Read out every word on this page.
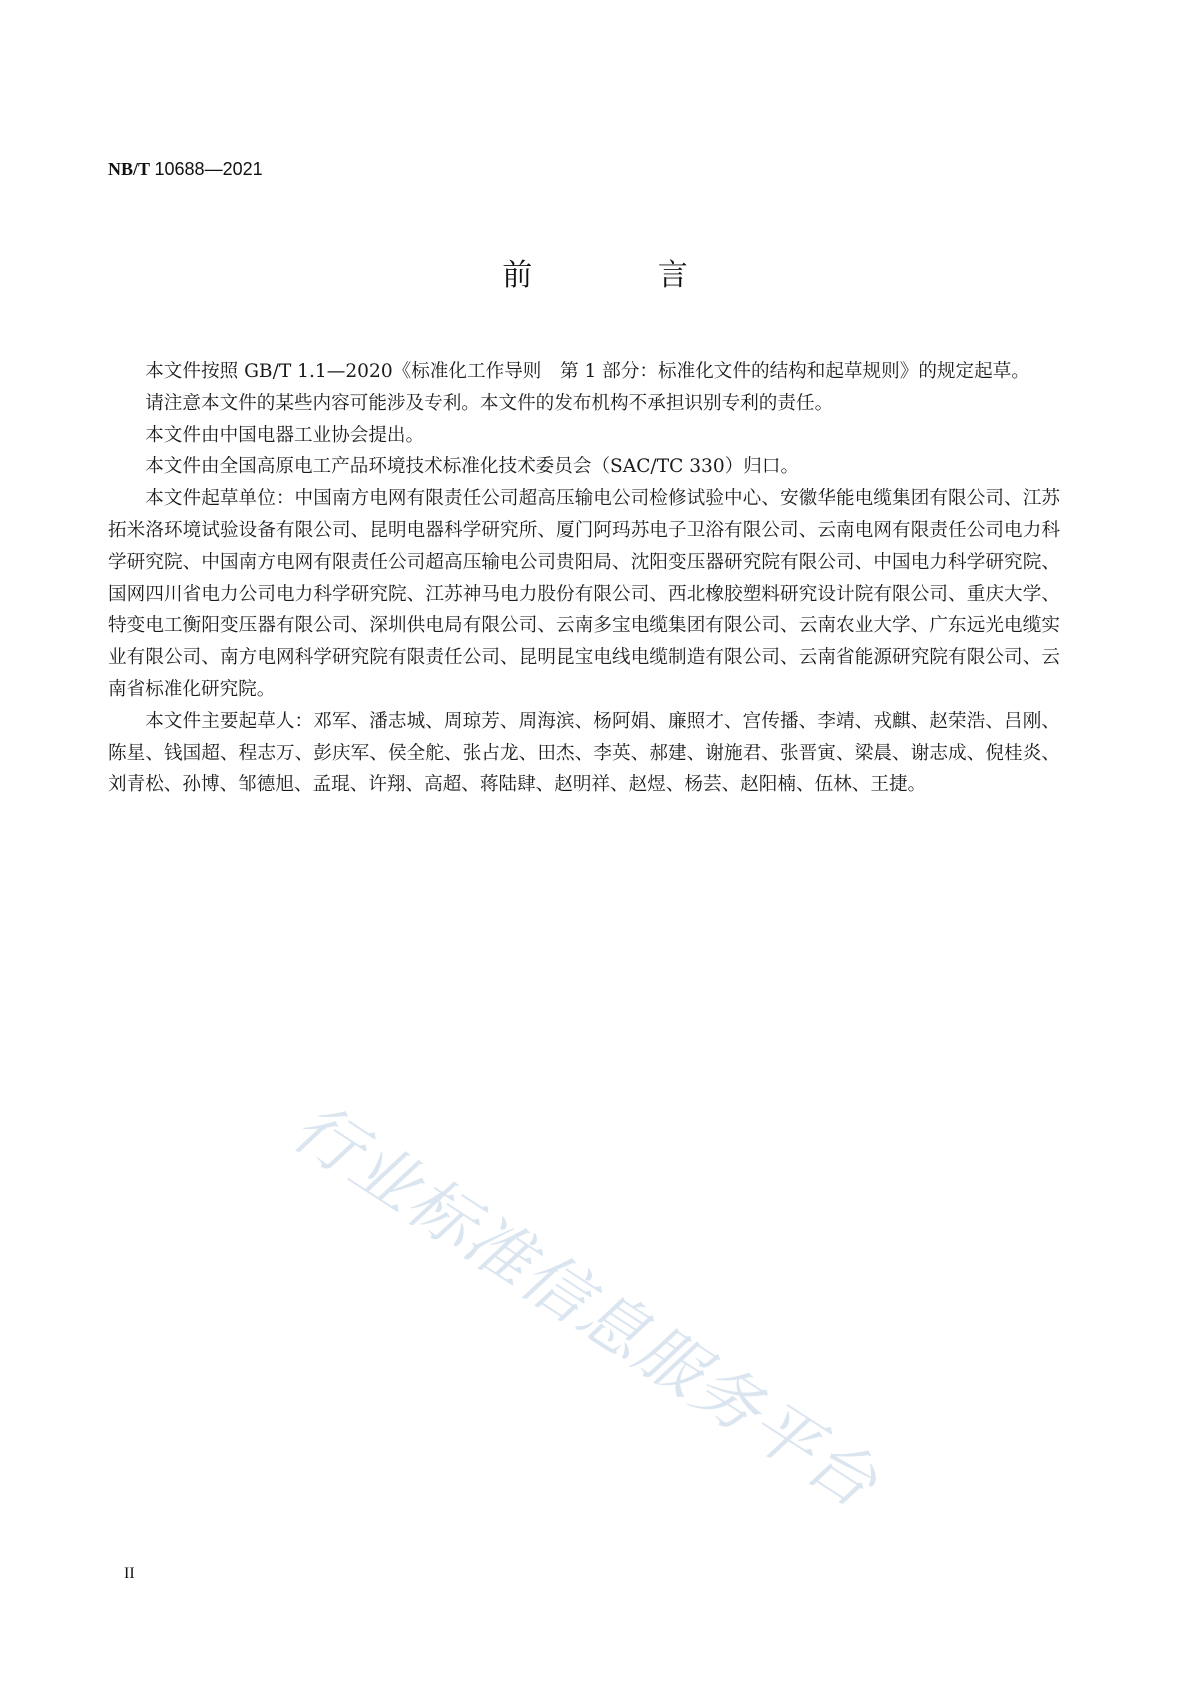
NB/T 10688—2021
前 言

本文件按照 GB/T 1.1—2020《标准化工作导则　第 1 部分：标准化文件的结构和起草规则》的规定起草。

请注意本文件的某些内容可能涉及专利。本文件的发布机构不承担识别专利的责任。

本文件由中国电器工业协会提出。

本文件由全国高原电工产品环境技术标准化技术委员会（SAC/TC 330）归口。

本文件起草单位：中国南方电网有限责任公司超高压输电公司检修试验中心、安徽华能电缆集团有限公司、江苏拓米洛环境试验设备有限公司、昆明电器科学研究所、厦门阿玛苏电子卫浴有限公司、云南电网有限责任公司电力科学研究院、中国南方电网有限责任公司超高压输电公司贵阳局、沈阳变压器研究院有限公司、中国电力科学研究院、国网四川省电力公司电力科学研究院、江苏神马电力股份有限公司、西北橡胶塑料研究设计院有限公司、重庆大学、特变电工衡阳变压器有限公司、深圳供电局有限公司、云南多宝电缆集团有限公司、云南农业大学、广东远光电缆实业有限公司、南方电网科学研究院有限责任公司、昆明昆宝电线电缆制造有限公司、云南省能源研究院有限公司、云南省标准化研究院。

本文件主要起草人：邓军、潘志城、周琼芳、周海滨、杨阿娟、廉照才、宫传播、李靖、戎麒、赵荣浩、吕刚、陈星、钱国超、程志万、彭庆军、侯全舵、张占龙、田杰、李英、郝建、谢施君、张晋寅、梁晨、谢志成、倪桂炎、刘青松、孙博、邹德旭、孟琨、许翔、高超、蒋陆肆、赵明祥、赵煜、杨芸、赵阳楠、伍林、王捷。

行业标准信息服务平台
II
